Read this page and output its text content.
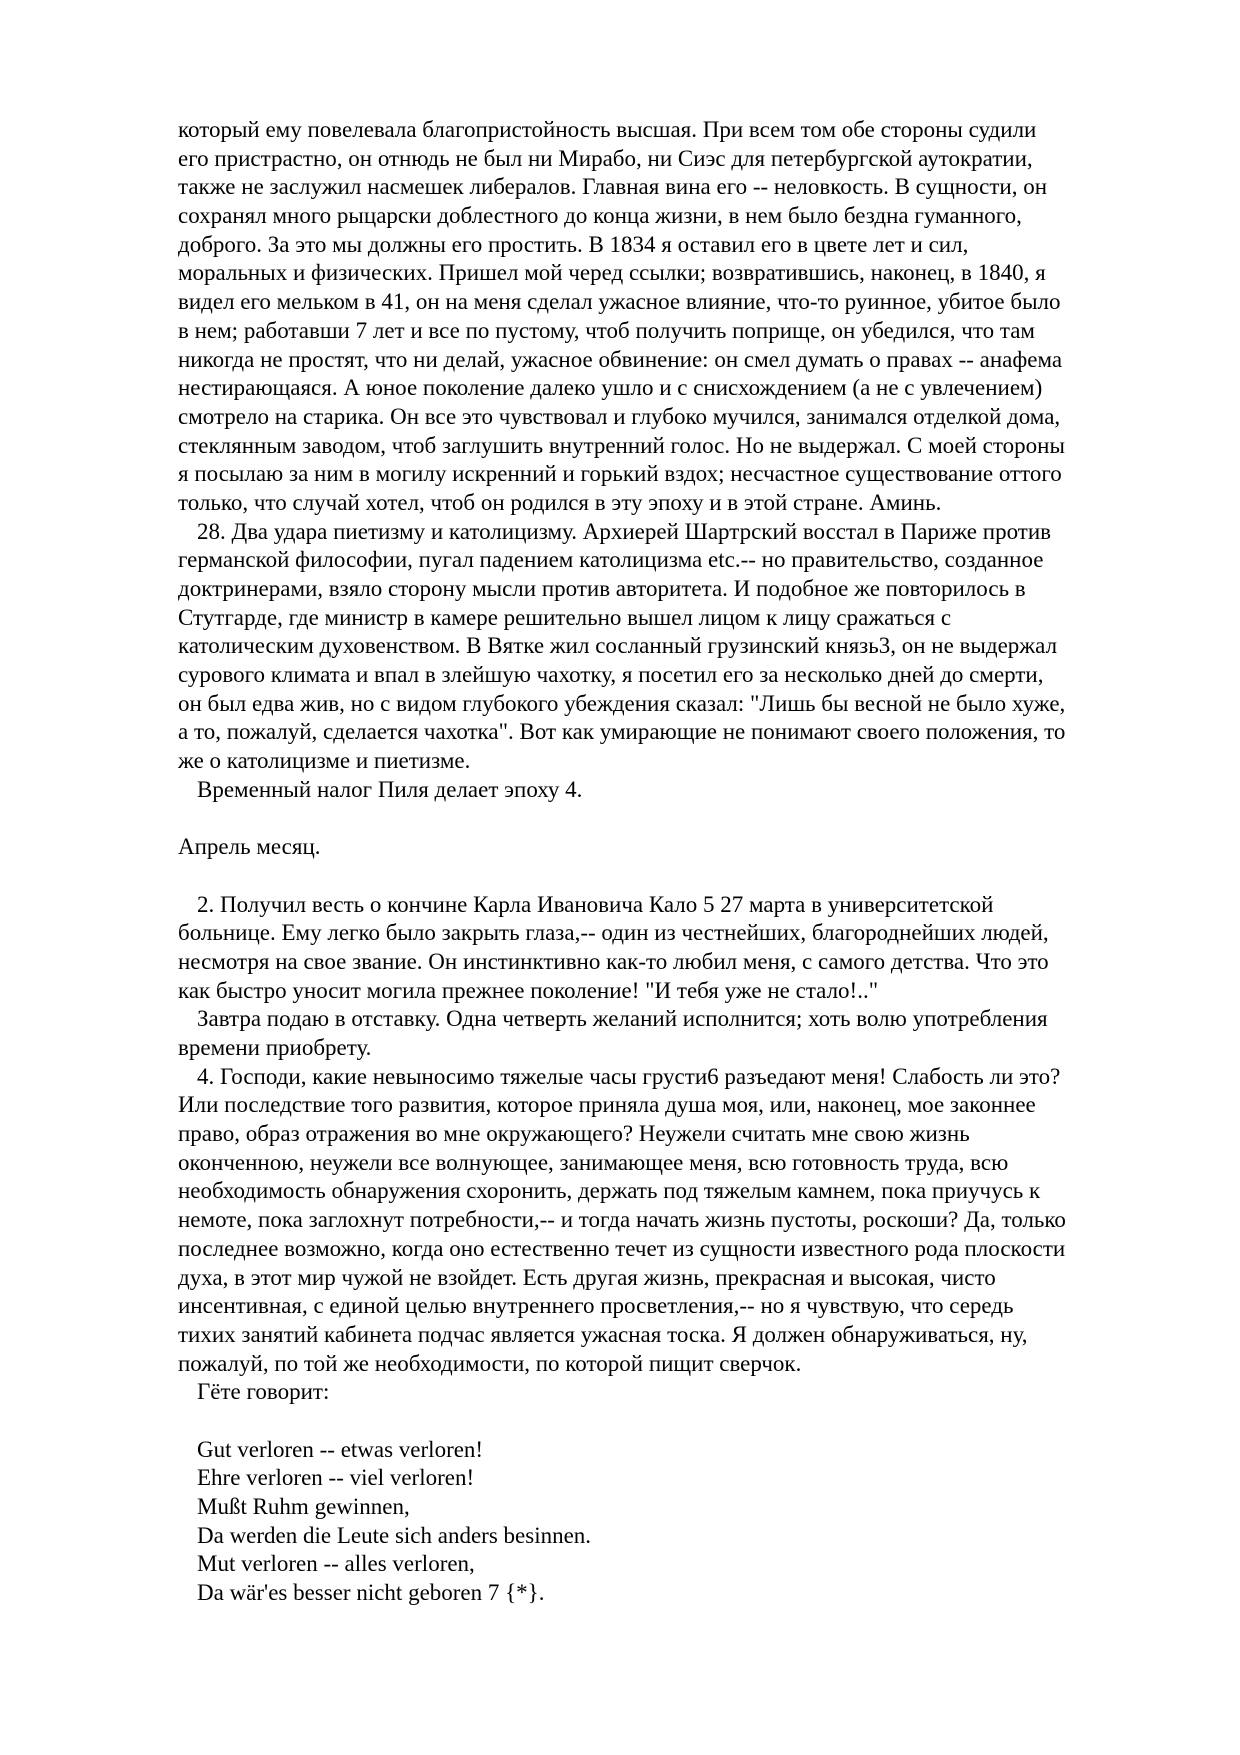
который ему повелевала благопристойность высшая. При всем том обе стороны судили
его пристрастно, он отнюдь не был ни Мирабо, ни Сиэс для петербургской аутократии,
также не заслужил насмешек либералов. Главная вина его -- неловкость. В сущности, он
сохранял много рыцарски доблестного до конца жизни, в нем было бездна гуманного,
доброго. За это мы должны его простить. В 1834 я оставил его в цвете лет и сил,
моральных и физических. Пришел мой черед ссылки; возвратившись, наконец, в 1840, я
видел его мельком в 41, он на меня сделал ужасное влияние, что-то руинное, убитое было
в нем; работавши 7 лет и все по пустому, чтоб получить поприще, он убедился, что там
никогда не простят, что ни делай, ужасное обвинение: он смел думать о правах -- анафема
нестирающаяся. А юное поколение далеко ушло и с снисхождением (а не с увлечением)
смотрело на старика. Он все это чувствовал и глубоко мучился, занимался отделкой дома,
стеклянным заводом, чтоб заглушить внутренний голос. Но не выдержал. С моей стороны
я посылаю за ним в могилу искренний и горький вздох; несчастное существование оттого
только, что случай хотел, чтоб он родился в эту эпоху и в этой стране. Аминь.
28. Два удара пиетизму и католицизму. Архиерей Шартрский восстал в Париже против
германской философии, пугал падением католицизма etc.-- но правительство, созданное
доктринерами, взяло сторону мысли против авторитета. И подобное же повторилось в
Стутгарде, где министр в камере решительно вышел лицом к лицу сражаться с
католическим духовенством. В Вятке жил сосланный грузинский князь3, он не выдержал
сурового климата и впал в злейшую чахотку, я посетил его за несколько дней до смерти,
он был едва жив, но с видом глубокого убеждения сказал: "Лишь бы весной не было хуже,
а то, пожалуй, сделается чахотка". Вот как умирающие не понимают своего положения, то
же о католицизме и пиетизме.
Временный налог Пиля делает эпоху 4.
Апрель месяц.
2. Получил весть о кончине Карла Ивановича Кало 5 27 марта в университетской
больнице. Ему легко было закрыть глаза,-- один из честнейших, благороднейших людей,
несмотря на свое звание. Он инстинктивно как-то любил меня, с самого детства. Что это
как быстро уносит могила прежнее поколение! "И тебя уже не стало!.."
Завтра подаю в отставку. Одна четверть желаний исполнится; хоть волю употребления
времени приобрету.
4. Господи, какие невыносимо тяжелые часы грусти6 разъедают меня! Слабость ли это?
Или последствие того развития, которое приняла душа моя, или, наконец, мое законнее
право, образ отражения во мне окружающего? Неужели считать мне свою жизнь
оконченною, неужели все волнующее, занимающее меня, всю готовность труда, всю
необходимость обнаружения схоронить, держать под тяжелым камнем, пока приучусь к
немоте, пока заглохнут потребности,-- и тогда начать жизнь пустоты, роскоши? Да, только
последнее возможно, когда оно естественно течет из сущности известного рода плоскости
духа, в этот мир чужой не взойдет. Есть другая жизнь, прекрасная и высокая, чисто
инсентивная, с единой целью внутреннего просветления,-- но я чувствую, что середь
тихих занятий кабинета подчас является ужасная тоска. Я должен обнаруживаться, ну,
пожалуй, по той же необходимости, по которой пищит сверчок.
Гёте говорит:
Gut verloren -- etwas verloren!
Ehre verloren -- viel verloren!
Mußt Ruhm gewinnen,
Da werden die Leute sich anders besinnen.
Mut verloren -- alles verloren,
Da wär'es besser nicht geboren 7 {*}.
